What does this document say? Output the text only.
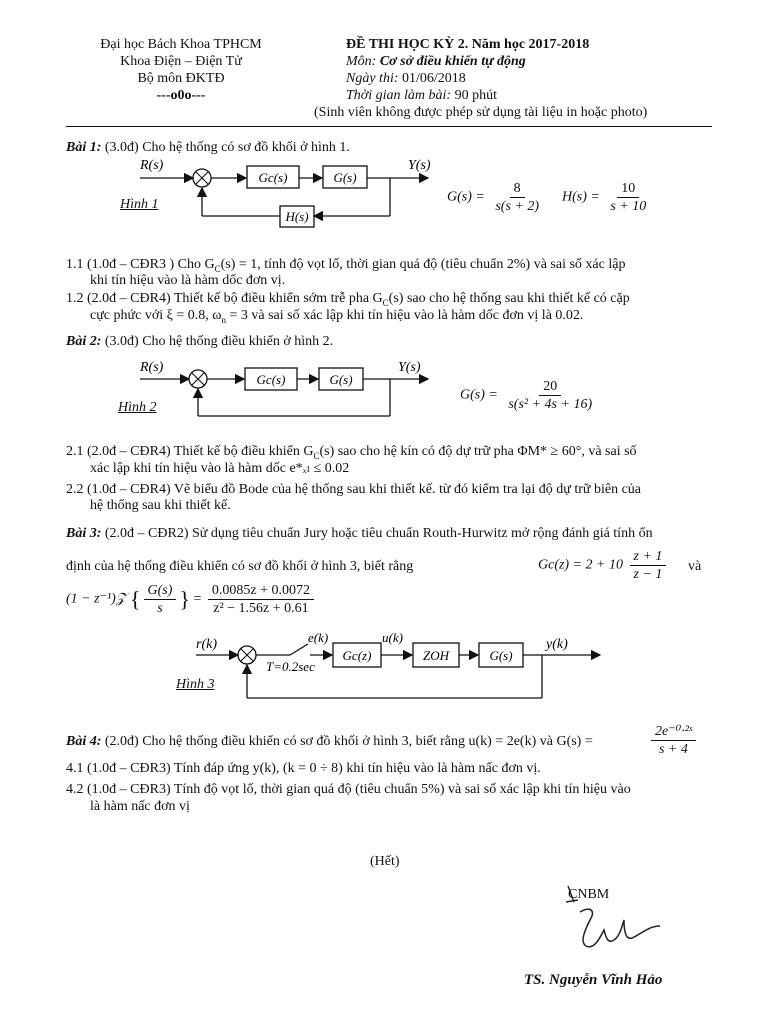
Đại học Bách Khoa TPHCM
Khoa Điện – Điện Tử
Bộ môn ĐKTĐ
---o0o---
ĐỀ THI HỌC KỲ 2. Năm học 2017-2018
Môn: Cơ sở điều khiển tự động
Ngày thi: 01/06/2018
Thời gian làm bài: 90 phút
(Sinh viên không được phép sử dụng tài liệu in hoặc photo)
Bài 1: (3.0đ) Cho hệ thống có sơ đồ khối ở hình 1.
R(s)
Gc(s)	G(s)
Y(s)
H(s)
Hình 1	$G(s) = \frac{8}{s(s + 2)} H(s) = \frac{10}{s + 10}$
1.1 (1.0đ – CĐR3 ) Cho $G_C(s) = 1$, tính độ vọt lố, thời gian quá độ (tiêu chuẩn 2%) và sai số xác lập
khi tín hiệu vào là hàm dốc đơn vị.
1.2 (2.0đ – CĐR4) Thiết kế bộ điều khiển sớm trễ pha $G_C(s)$ sao cho hệ thống sau khi thiết kế có cặp
cực phức với ξ = 0.8, $\omega_n = 3$ và sai số xác lập khi tín hiệu vào là hàm dốc đơn vị là 0.02.
Bài 2: (3.0đ) Cho hệ thống điều khiển ở hình 2.
R(s)
Gc(s)	G(s)
Y(s)
Hình 2
$G(s) = \frac{20}{\text{s(s² + 4s + 16)}}$
2.1 (2.0đ – CĐR4) Thiết kế bộ điều khiển $G_C(s)$ sao cho hệ kín có độ dự trữ pha ΦM* ≥ 60°, và sai số
xác lập khi tín hiệu vào là hàm dốc e*ₓₗ ≤ 0.02
2.2 (1.0đ – CĐR4) Vẽ biểu đồ Bode của hệ thống sau khi thiết kế. từ đó kiểm tra lại độ dự trữ biên của
hệ thống sau khi thiết kế.
Bài 3: (2.0đ – CĐR2) Sử dụng tiêu chuẩn Jury hoặc tiêu chuẩn Routh-Hurwitz mở rộng đánh giá tính ổn
định của hệ thống điều khiển có sơ đồ khối ở hình 3, biết rằng	$Gc(z) = 2 + 10 \frac{z + 1}{z - 1}$ và
(1 − z⁻¹)𝒵 { $\frac{G(s)}{s}$ } = $\frac{0.0085z + 0.0072}{\text{z² − 1.56z + 0.61}}$
r(k)
T=0.2sec
e(k)
Gc(z)
u(k)
ZOH	G(s)
y(k)
Hình 3
Bài 4: (2.0đ) Cho hệ thống điều khiển có sơ đồ khối ở hình 3, biết rằng u(k) = 2e(k) và G(s) =	$\frac{\text{2e⁻⁰·²ˢ}}{s + 4}$
4.1 (1.0đ – CĐR3) Tính đáp ứng y(k), (k = 0 ÷ 8) khi tín hiệu vào là hàm nấc đơn vị.
4.2 (1.0đ – CĐR3) Tính độ vọt lố, thời gian quá độ (tiêu chuẩn 5%) và sai số xác lập khi tín hiệu vào
là hàm nấc đơn vị
(Hết)
CNBM
TS. Nguyễn Vĩnh Hảo
